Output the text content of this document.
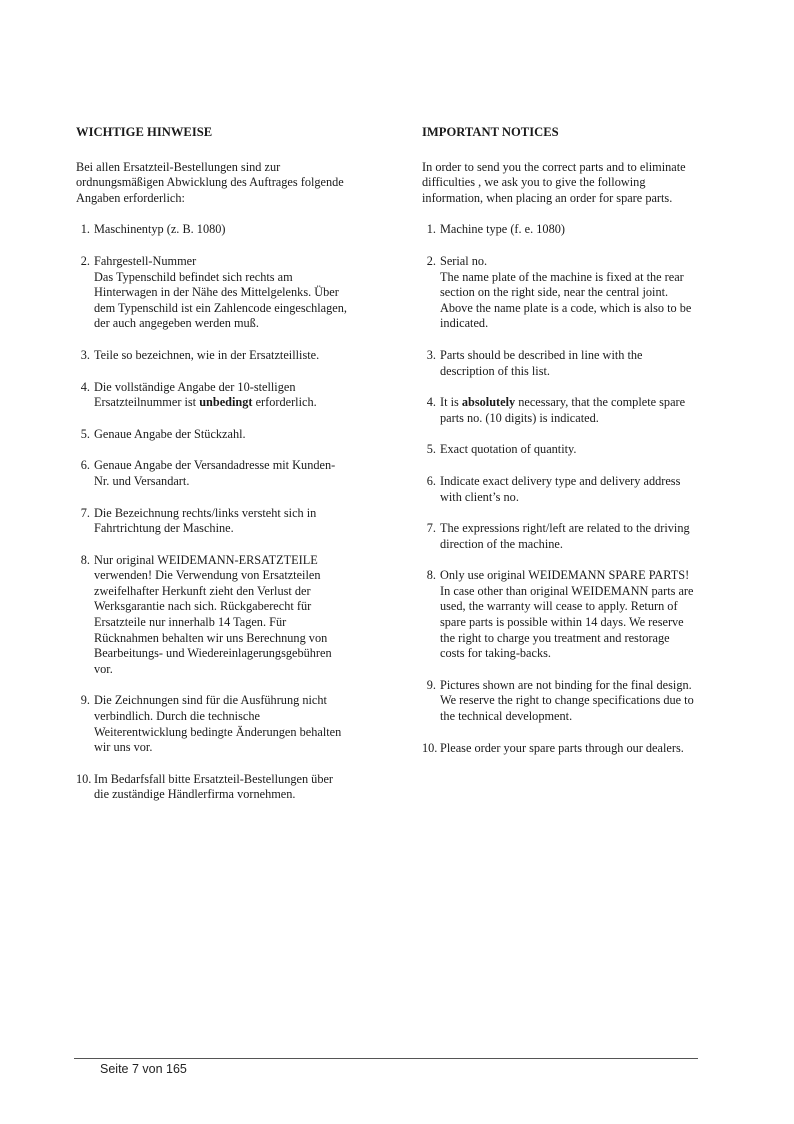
WICHTIGE HINWEISE
Bei allen Ersatzteil-Bestellungen sind zur
ordnungsmäßigen Abwicklung des Auftrages folgende
Angaben erforderlich:
1. Maschinentyp (z. B. 1080)
2. Fahrgestell-Nummer
Das Typenschild befindet sich rechts am
Hinterwagen in der Nähe des Mittelgelenks. Über
dem Typenschild ist ein Zahlencode eingeschlagen,
der auch angegeben werden muß.
3. Teile so bezeichnen, wie in der Ersatzteilliste.
4. Die vollständige Angabe der 10-stelligen
Ersatzteilnummer ist unbedingt erforderlich.
5. Genaue Angabe der Stückzahl.
6. Genaue Angabe der Versandadresse mit Kunden-
Nr. und Versandart.
7. Die Bezeichnung rechts/links versteht sich in
Fahrtrichtung der Maschine.
8. Nur original WEIDEMANN-ERSATZTEILE
verwenden! Die Verwendung von Ersatzteilen
zweifelhafter Herkunft zieht den Verlust der
Werksgarantie nach sich. Rückgaberecht für
Ersatzteile nur innerhalb 14 Tagen. Für
Rücknahmen behalten wir uns Berechnung von
Bearbeitungs- und Wiedereinlagerungsgebühren
vor.
9. Die Zeichnungen sind für die Ausführung nicht
verbindlich. Durch die technische
Weiterentwicklung bedingte Änderungen behalten
wir uns vor.
10. Im Bedarfsfall bitte Ersatzteil-Bestellungen über
die zuständige Händlerfirma vornehmen.
IMPORTANT NOTICES
In order to send you the correct parts and to eliminate
difficulties , we ask you to give the following
information, when placing an order for spare parts.
1. Machine type (f. e. 1080)
2. Serial no.
The name plate of the machine is fixed at the rear
section on the right side, near the central joint.
Above the name plate is a code, which is also to be
indicated.
3. Parts should be described in line with the
description of this list.
4. It is absolutely necessary, that the complete spare
parts no. (10 digits) is indicated.
5. Exact quotation of quantity.
6. Indicate exact delivery type and delivery address
with client’s no.
7. The expressions right/left are related to the driving
direction of the machine.
8. Only use original WEIDEMANN SPARE PARTS!
In case other than original WEIDEMANN parts are
used, the warranty will cease to apply. Return of
spare parts is possible within 14 days. We reserve
the right to charge you treatment and restorage
costs for taking-backs.
9. Pictures shown are not binding for the final design.
We reserve the right to change specifications due to
the technical development.
10. Please order your spare parts through our dealers.
Seite 7 von 165
